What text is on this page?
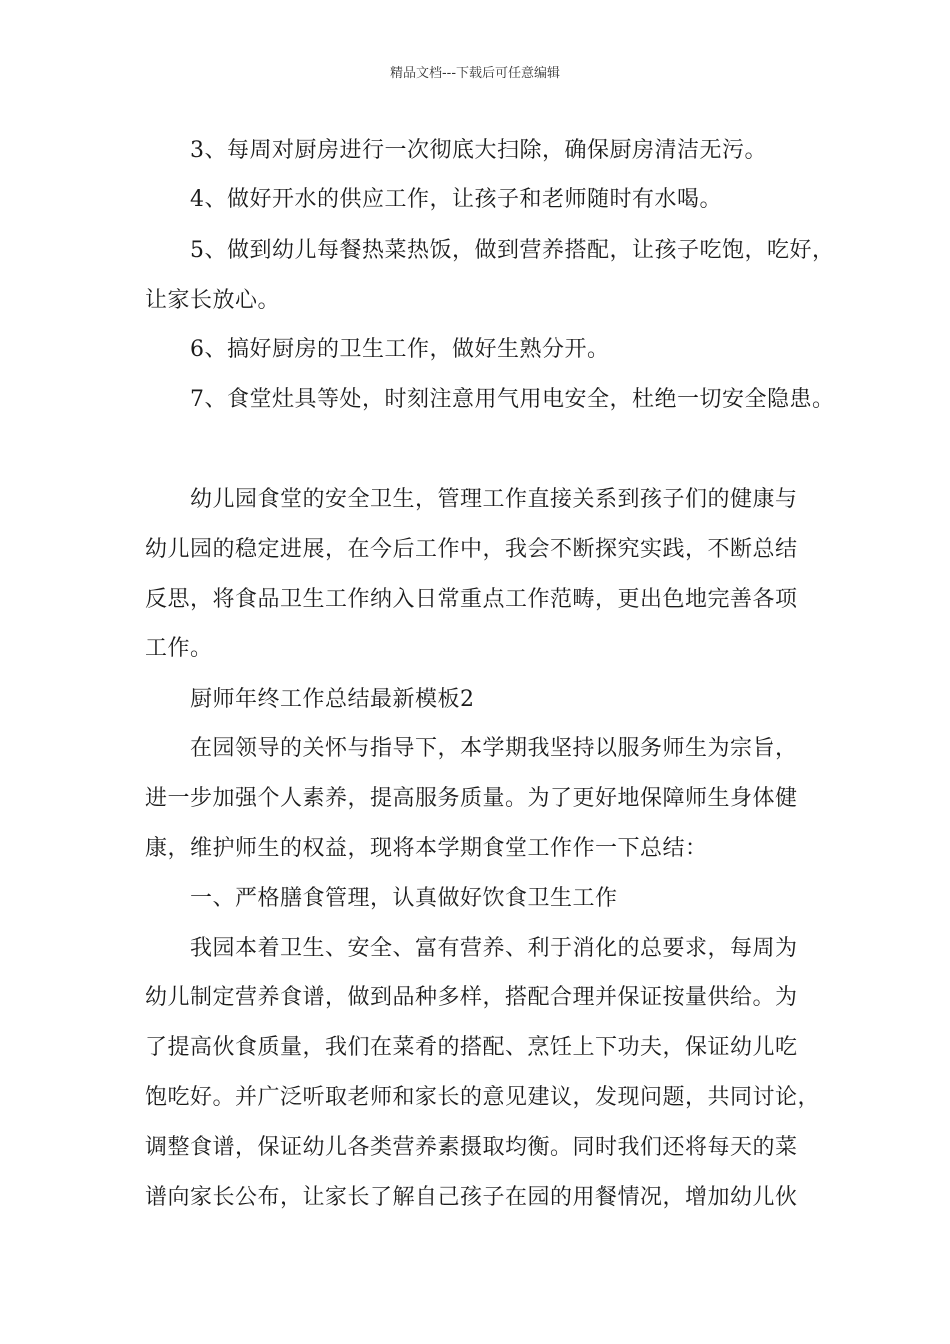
精品文档---下载后可任意编辑
3、每周对厨房进行一次彻底大扫除，确保厨房清洁无污。
4、做好开水的供应工作，让孩子和老师随时有水喝。
5、做到幼儿每餐热菜热饭，做到营养搭配，让孩子吃饱，吃好，
让家长放心。
6、搞好厨房的卫生工作，做好生熟分开。
7、食堂灶具等处，时刻注意用气用电安全，杜绝一切安全隐患。
幼儿园食堂的安全卫生，管理工作直接关系到孩子们的健康与
幼儿园的稳定进展，在今后工作中，我会不断探究实践，不断总结
反思，将食品卫生工作纳入日常重点工作范畴，更出色地完善各项
工作。
厨师年终工作总结最新模板2
在园领导的关怀与指导下，本学期我坚持以服务师生为宗旨，
进一步加强个人素养，提高服务质量。为了更好地保障师生身体健
康，维护师生的权益，现将本学期食堂工作作一下总结：
一、严格膳食管理，认真做好饮食卫生工作
我园本着卫生、安全、富有营养、利于消化的总要求，每周为
幼儿制定营养食谱，做到品种多样，搭配合理并保证按量供给。为
了提高伙食质量，我们在菜肴的搭配、烹饪上下功夫，保证幼儿吃
饱吃好。并广泛听取老师和家长的意见建议，发现问题，共同讨论，
调整食谱，保证幼儿各类营养素摄取均衡。同时我们还将每天的菜
谱向家长公布，让家长了解自己孩子在园的用餐情况，增加幼儿伙
